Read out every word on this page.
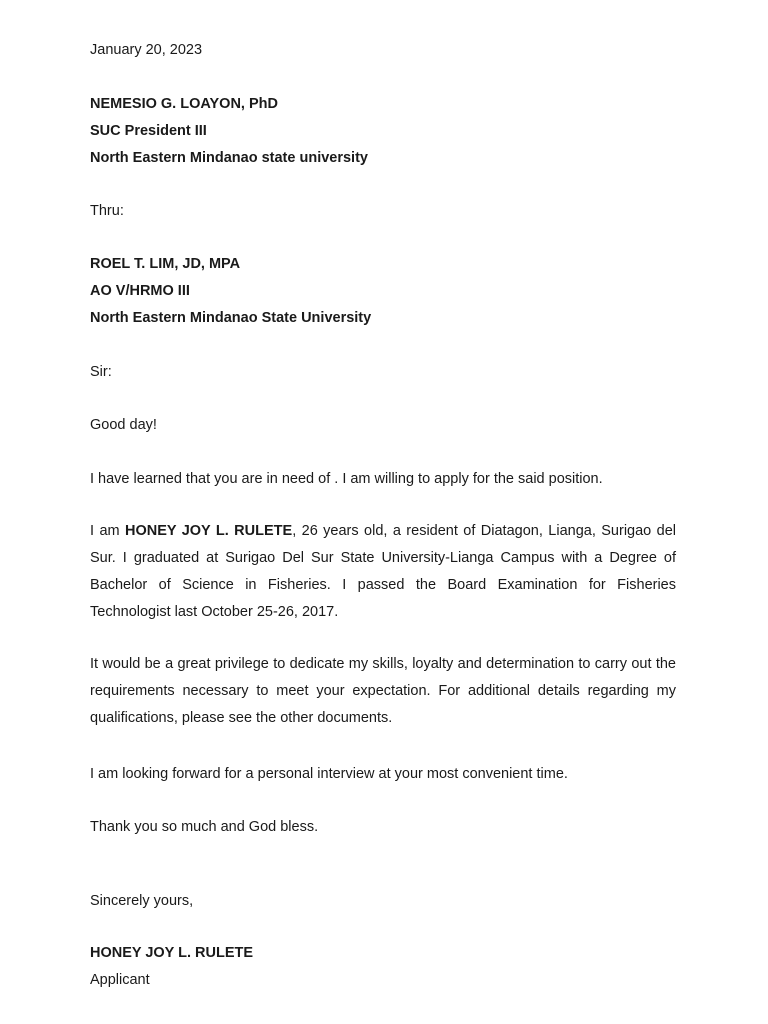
January 20, 2023
NEMESIO G. LOAYON, PhD
SUC President III
North Eastern Mindanao state university
Thru:
ROEL T. LIM, JD, MPA
AO V/HRMO III
North Eastern Mindanao State University
Sir:
Good day!
I have learned that you are in need of . I am willing to apply for the said position.
I am HONEY JOY L. RULETE, 26 years old, a resident of Diatagon, Lianga, Surigao del Sur. I graduated at Surigao Del Sur State University-Lianga Campus with a Degree of Bachelor of Science in Fisheries. I passed the Board Examination for Fisheries Technologist last October 25-26, 2017.
It would be a great privilege to dedicate my skills, loyalty and determination to carry out the requirements necessary to meet your expectation. For additional details regarding my qualifications, please see the other documents.
I am looking forward for a personal interview at your most convenient time.
Thank you so much and God bless.
Sincerely yours,
HONEY JOY L. RULETE
Applicant
